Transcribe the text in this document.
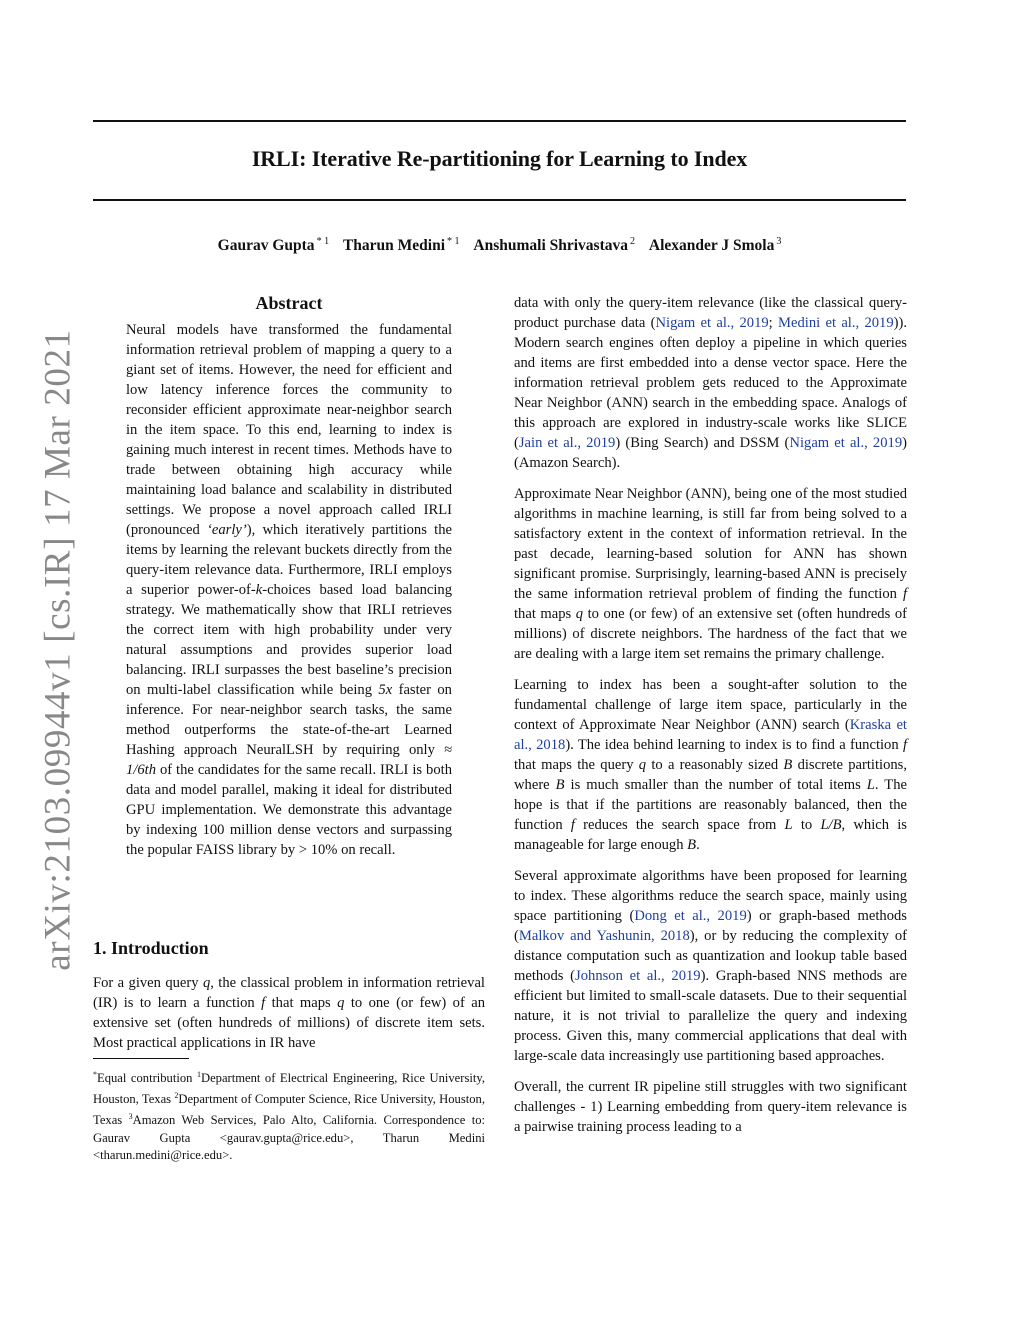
arXiv:2103.09944v1 [cs.IR] 17 Mar 2021
IRLI: Iterative Re-partitioning for Learning to Index
Gaurav Gupta $^{* 1}$ Tharun Medini $^{* 1}$ Anshumali Shrivastava $^2$ Alexander J Smola $^3$
Abstract

Neural models have transformed the fundamental information retrieval problem of mapping a query to a giant set of items. However, the need for efficient and low latency inference forces the community to reconsider efficient approximate near-neighbor search in the item space. To this end, learning to index is gaining much interest in recent times. Methods have to trade between obtaining high accuracy while maintaining load balance and scalability in distributed settings. We propose a novel approach called IRLI (pronounced ‘early’), which iteratively partitions the items by learning the relevant buckets directly from the query-item relevance data. Furthermore, IRLI employs a superior power-of-k-choices based load balancing strategy. We mathematically show that IRLI retrieves the correct item with high probability under very natural assumptions and provides superior load balancing. IRLI surpasses the best baseline’s precision on multi-label classification while being 5x faster on inference. For near-neighbor search tasks, the same method outperforms the state-of-the-art Learned Hashing approach NeuralLSH by requiring only ≈ 1/6th of the candidates for the same recall. IRLI is both data and model parallel, making it ideal for distributed GPU implementation. We demonstrate this advantage by indexing 100 million dense vectors and surpassing the popular FAISS library by > 10% on recall.

1. Introduction

For a given query q, the classical problem in information retrieval (IR) is to learn a function f that maps q to one (or few) of an extensive set (often hundreds of millions) of discrete item sets. Most practical applications in IR have

*Equal contribution $^1$Department of Electrical Engineering, Rice University, Houston, Texas $^2$Department of Computer Science, Rice University, Houston, Texas $^3$Amazon Web Services, Palo Alto, California. Correspondence to: Gaurav Gupta <gaurav.gupta@rice.edu>, Tharun Medini <tharun.medini@rice.edu>.

data with only the query-item relevance (like the classical query-product purchase data (Nigam et al., 2019; Medini et al., 2019)). Modern search engines often deploy a pipeline in which queries and items are first embedded into a dense vector space. Here the information retrieval problem gets reduced to the Approximate Near Neighbor (ANN) search in the embedding space. Analogs of this approach are explored in industry-scale works like SLICE (Jain et al., 2019) (Bing Search) and DSSM (Nigam et al., 2019) (Amazon Search).

Approximate Near Neighbor (ANN), being one of the most studied algorithms in machine learning, is still far from being solved to a satisfactory extent in the context of information retrieval. In the past decade, learning-based solution for ANN has shown significant promise. Surprisingly, learning-based ANN is precisely the same information retrieval problem of finding the function f that maps q to one (or few) of an extensive set (often hundreds of millions) of discrete neighbors. The hardness of the fact that we are dealing with a large item set remains the primary challenge.

Learning to index has been a sought-after solution to the fundamental challenge of large item space, particularly in the context of Approximate Near Neighbor (ANN) search (Kraska et al., 2018). The idea behind learning to index is to find a function f that maps the query q to a reasonably sized B discrete partitions, where B is much smaller than the number of total items L. The hope is that if the partitions are reasonably balanced, then the function f reduces the search space from L to L/B, which is manageable for large enough B.

Several approximate algorithms have been proposed for learning to index. These algorithms reduce the search space, mainly using space partitioning (Dong et al., 2019) or graph-based methods (Malkov and Yashunin, 2018), or by reducing the complexity of distance computation such as quantization and lookup table based methods (Johnson et al., 2019). Graph-based NNS methods are efficient but limited to small-scale datasets. Due to their sequential nature, it is not trivial to parallelize the query and indexing process. Given this, many commercial applications that deal with large-scale data increasingly use partitioning based approaches.

Overall, the current IR pipeline still struggles with two significant challenges - 1) Learning embedding from query-item relevance is a pairwise training process leading to a
